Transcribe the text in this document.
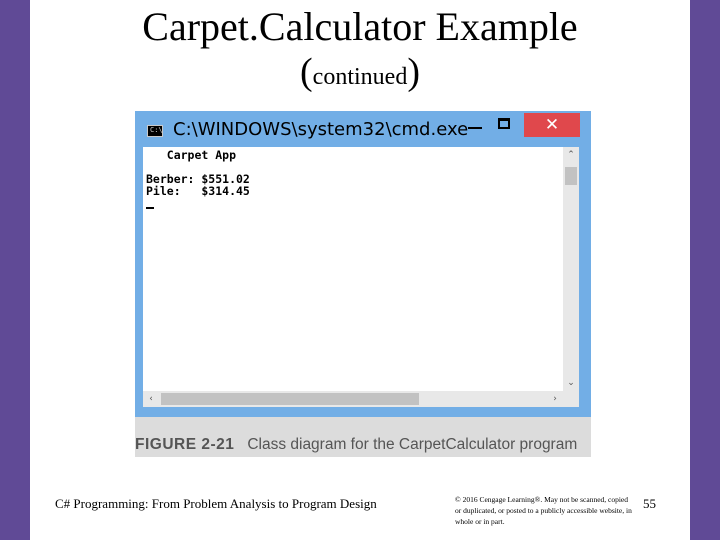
Carpet.Calculator Example
(continued)
C:\ C:\WINDOWS\system32\cmd.exe	✕
Carpet App

Berber: $551.02
Pile:   $314.45
⌃
⌄
‹	›
FIGURE 2-21 Class diagram for the CarpetCalculator program
C# Programming: From Problem Analysis to Program Design	© 2016 Cengage Learning®. May not be scanned, copied or duplicated, or posted to a publicly accessible website, in whole or in part.
55
